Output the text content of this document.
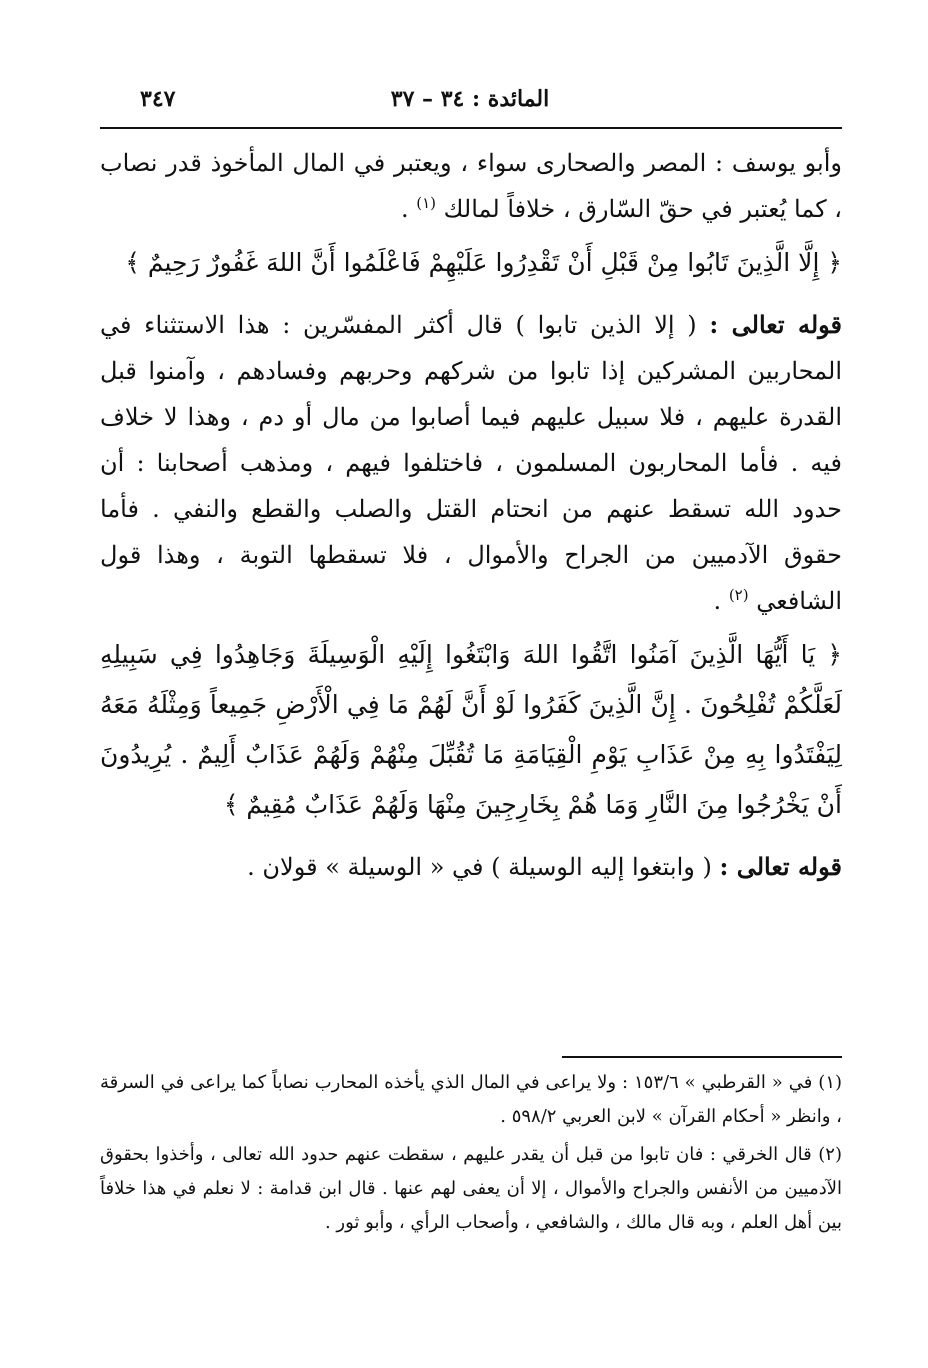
٣٤٧	المائدة : ٣٤ – ٣٧

وأبو يوسف : المصر والصحارى سواء ، ويعتبر في المال المأخوذ قدر نصاب ، كما يُعتبر في حقّ السّارق ، خلافاً لمالك $^{(١)}$ .

﴿ إِلَّا الَّذِينَ تَابُوا مِنْ قَبْلِ أَنْ تَقْدِرُوا عَلَيْهِمْ فَاعْلَمُوا أَنَّ اللهَ غَفُورٌ رَحِيمٌ ﴾

قوله تعالى : ( إلا الذين تابوا ) قال أكثر المفسّرين : هذا الاستثناء في المحاربين المشركين إذا تابوا من شركهم وحربهم وفسادهم ، وآمنوا قبل القدرة عليهم ، فلا سبيل عليهم فيما أصابوا من مال أو دم ، وهذا لا خلاف فيه . فأما المحاربون المسلمون ، فاختلفوا فيهم ، ومذهب أصحابنا : أن حدود الله تسقط عنهم من انحتام القتل والصلب والقطع والنفي . فأما حقوق الآدميين من الجراح والأموال ، فلا تسقطها التوبة ، وهذا قول الشافعي $^{(٢)}$ .

﴿ يَا أَيُّهَا الَّذِينَ آمَنُوا اتَّقُوا اللهَ وَابْتَغُوا إِلَيْهِ الْوَسِيلَةَ وَجَاهِدُوا فِي سَبِيلِهِ لَعَلَّكُمْ تُفْلِحُونَ . إِنَّ الَّذِينَ كَفَرُوا لَوْ أَنَّ لَهُمْ مَا فِي الْأَرْضِ جَمِيعاً وَمِثْلَهُ مَعَهُ لِيَفْتَدُوا بِهِ مِنْ عَذَابِ يَوْمِ الْقِيَامَةِ مَا تُقُبِّلَ مِنْهُمْ وَلَهُمْ عَذَابٌ أَلِيمٌ . يُرِيدُونَ أَنْ يَخْرُجُوا مِنَ النَّارِ وَمَا هُمْ بِخَارِجِينَ مِنْهَا وَلَهُمْ عَذَابٌ مُقِيمٌ ﴾

قوله تعالى : ( وابتغوا إليه الوسيلة ) في « الوسيلة » قولان .

(١) في « القرطبي » ١٥٣/٦ : ولا يراعى في المال الذي يأخذه المحارب نصاباً كما يراعى في السرقة ، وانظر « أحكام القرآن » لابن العربي ٥٩٨/٢ .

(٢) قال الخرقي : فان تابوا من قبل أن يقدر عليهم ، سقطت عنهم حدود الله تعالى ، وأخذوا بحقوق الآدميين من الأنفس والجراح والأموال ، إلا أن يعفى لهم عنها . قال ابن قدامة : لا نعلم في هذا خلافاً بين أهل العلم ، وبه قال مالك ، والشافعي ، وأصحاب الرأي ، وأبو ثور .
